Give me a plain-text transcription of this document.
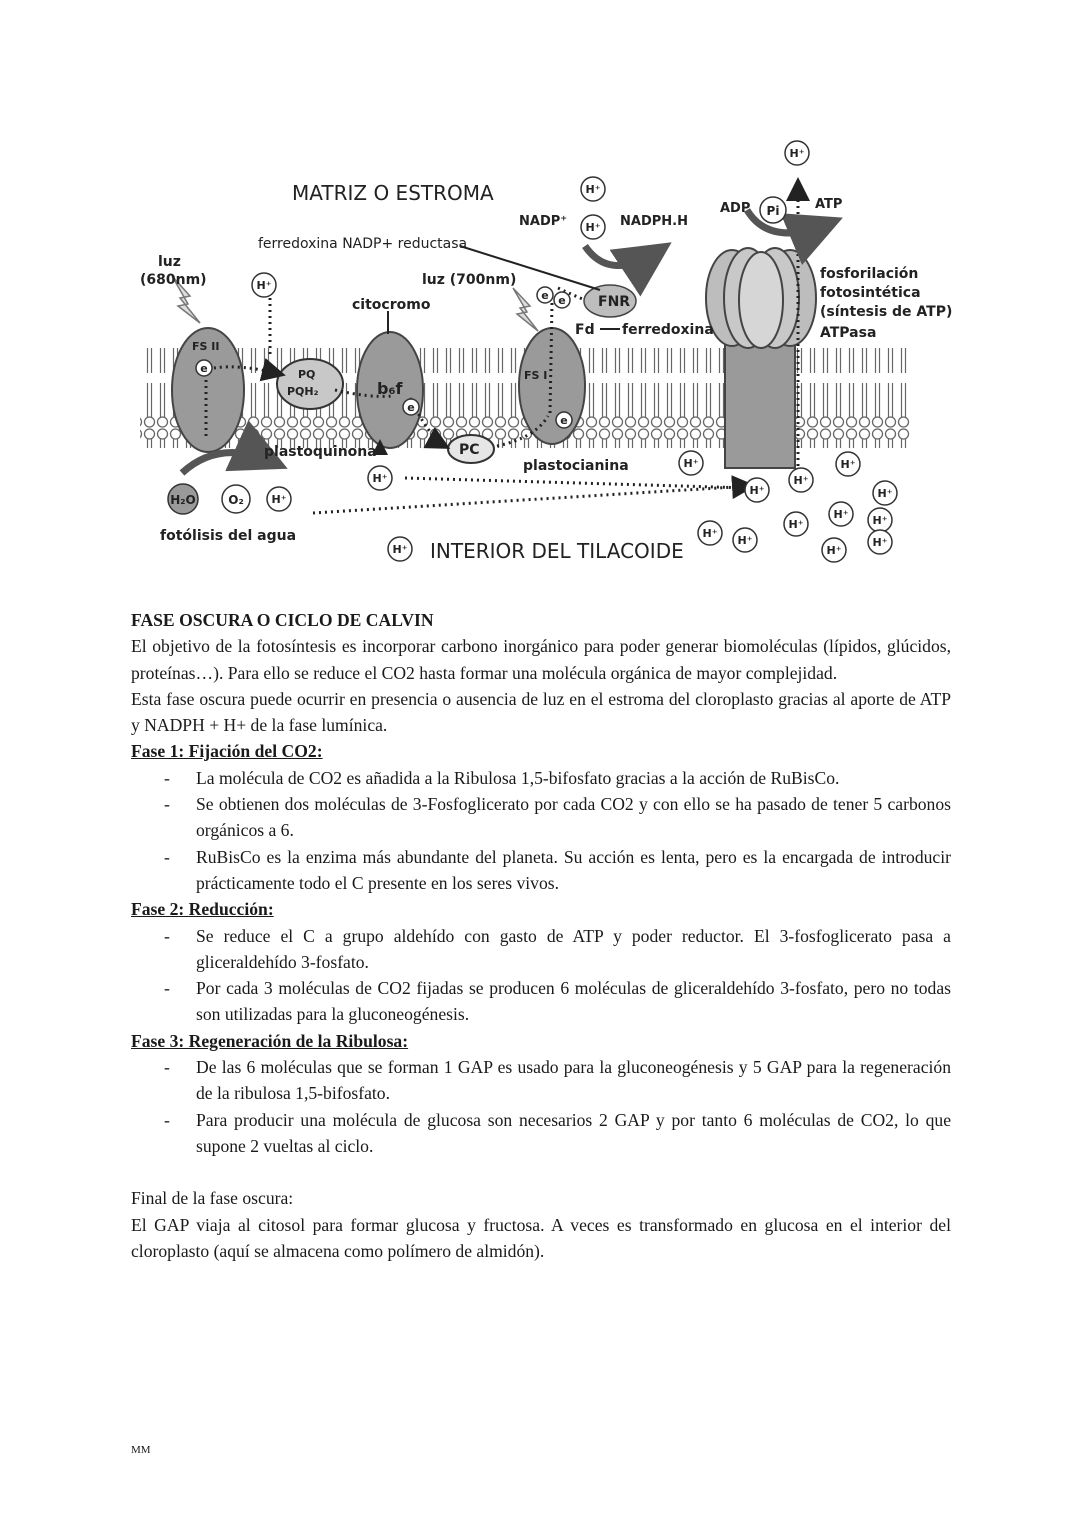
MATRIZ O ESTROMA
ferredoxina NADP+ reductasa
luz
(680nm)	luz (700nm)
citocromo
FS II
FS I
PQ
PQH₂	b₆f
plastoquinona	PC
plastocianina
FNR
Fd ferredoxina
NADP⁺	NADPH.H
ADP	ATP
fosforilación
fotosintética
(síntesis de ATP)
ATPasa
fotólisis del agua
INTERIOR DEL TILACOIDE
H₂O	O₂
Pi
H⁺
H⁺
H⁺
H⁺
H⁺
H⁺
H⁺
H⁺
H⁺
H⁺
H⁺
H⁺
H⁺
H⁺
H⁺ H⁺
H⁺
H⁺
H⁺
e
e e
e
e

FASE OSCURA O CICLO DE CALVIN

El objetivo de la fotosíntesis es incorporar carbono inorgánico para poder generar biomoléculas (lípidos, glúcidos, proteínas…). Para ello se reduce el CO2 hasta formar una molécula orgánica de mayor complejidad.

Esta fase oscura puede ocurrir en presencia o ausencia de luz en el estroma del cloroplasto gracias al aporte de ATP y NADPH + H+ de la fase lumínica.

Fase 1: Fijación del CO2:

- La molécula de CO2 es añadida a la Ribulosa 1,5-bifosfato gracias a la acción de RuBisCo.
- Se obtienen dos moléculas de 3-Fosfoglicerato por cada CO2 y con ello se ha pasado de tener 5 carbonos orgánicos a 6.
- RuBisCo es la enzima más abundante del planeta. Su acción es lenta, pero es la encargada de introducir prácticamente todo el C presente en los seres vivos.

Fase 2: Reducción:

- Se reduce el C a grupo aldehído con gasto de ATP y poder reductor. El 3-fosfoglicerato pasa a gliceraldehído 3-fosfato.
- Por cada 3 moléculas de CO2 fijadas se producen 6 moléculas de gliceraldehído 3-fosfato, pero no todas son utilizadas para la gluconeogénesis.

Fase 3: Regeneración de la Ribulosa:

- De las 6 moléculas que se forman 1 GAP es usado para la gluconeogénesis y 5 GAP para la regeneración de la ribulosa 1,5-bifosfato.
- Para producir una molécula de glucosa son necesarios 2 GAP y por tanto 6 moléculas de CO2, lo que supone 2 vueltas al ciclo.

Final de la fase oscura:

El GAP viaja al citosol para formar glucosa y fructosa. A veces es transformado en glucosa en el interior del cloroplasto (aquí se almacena como polímero de almidón).

MM
